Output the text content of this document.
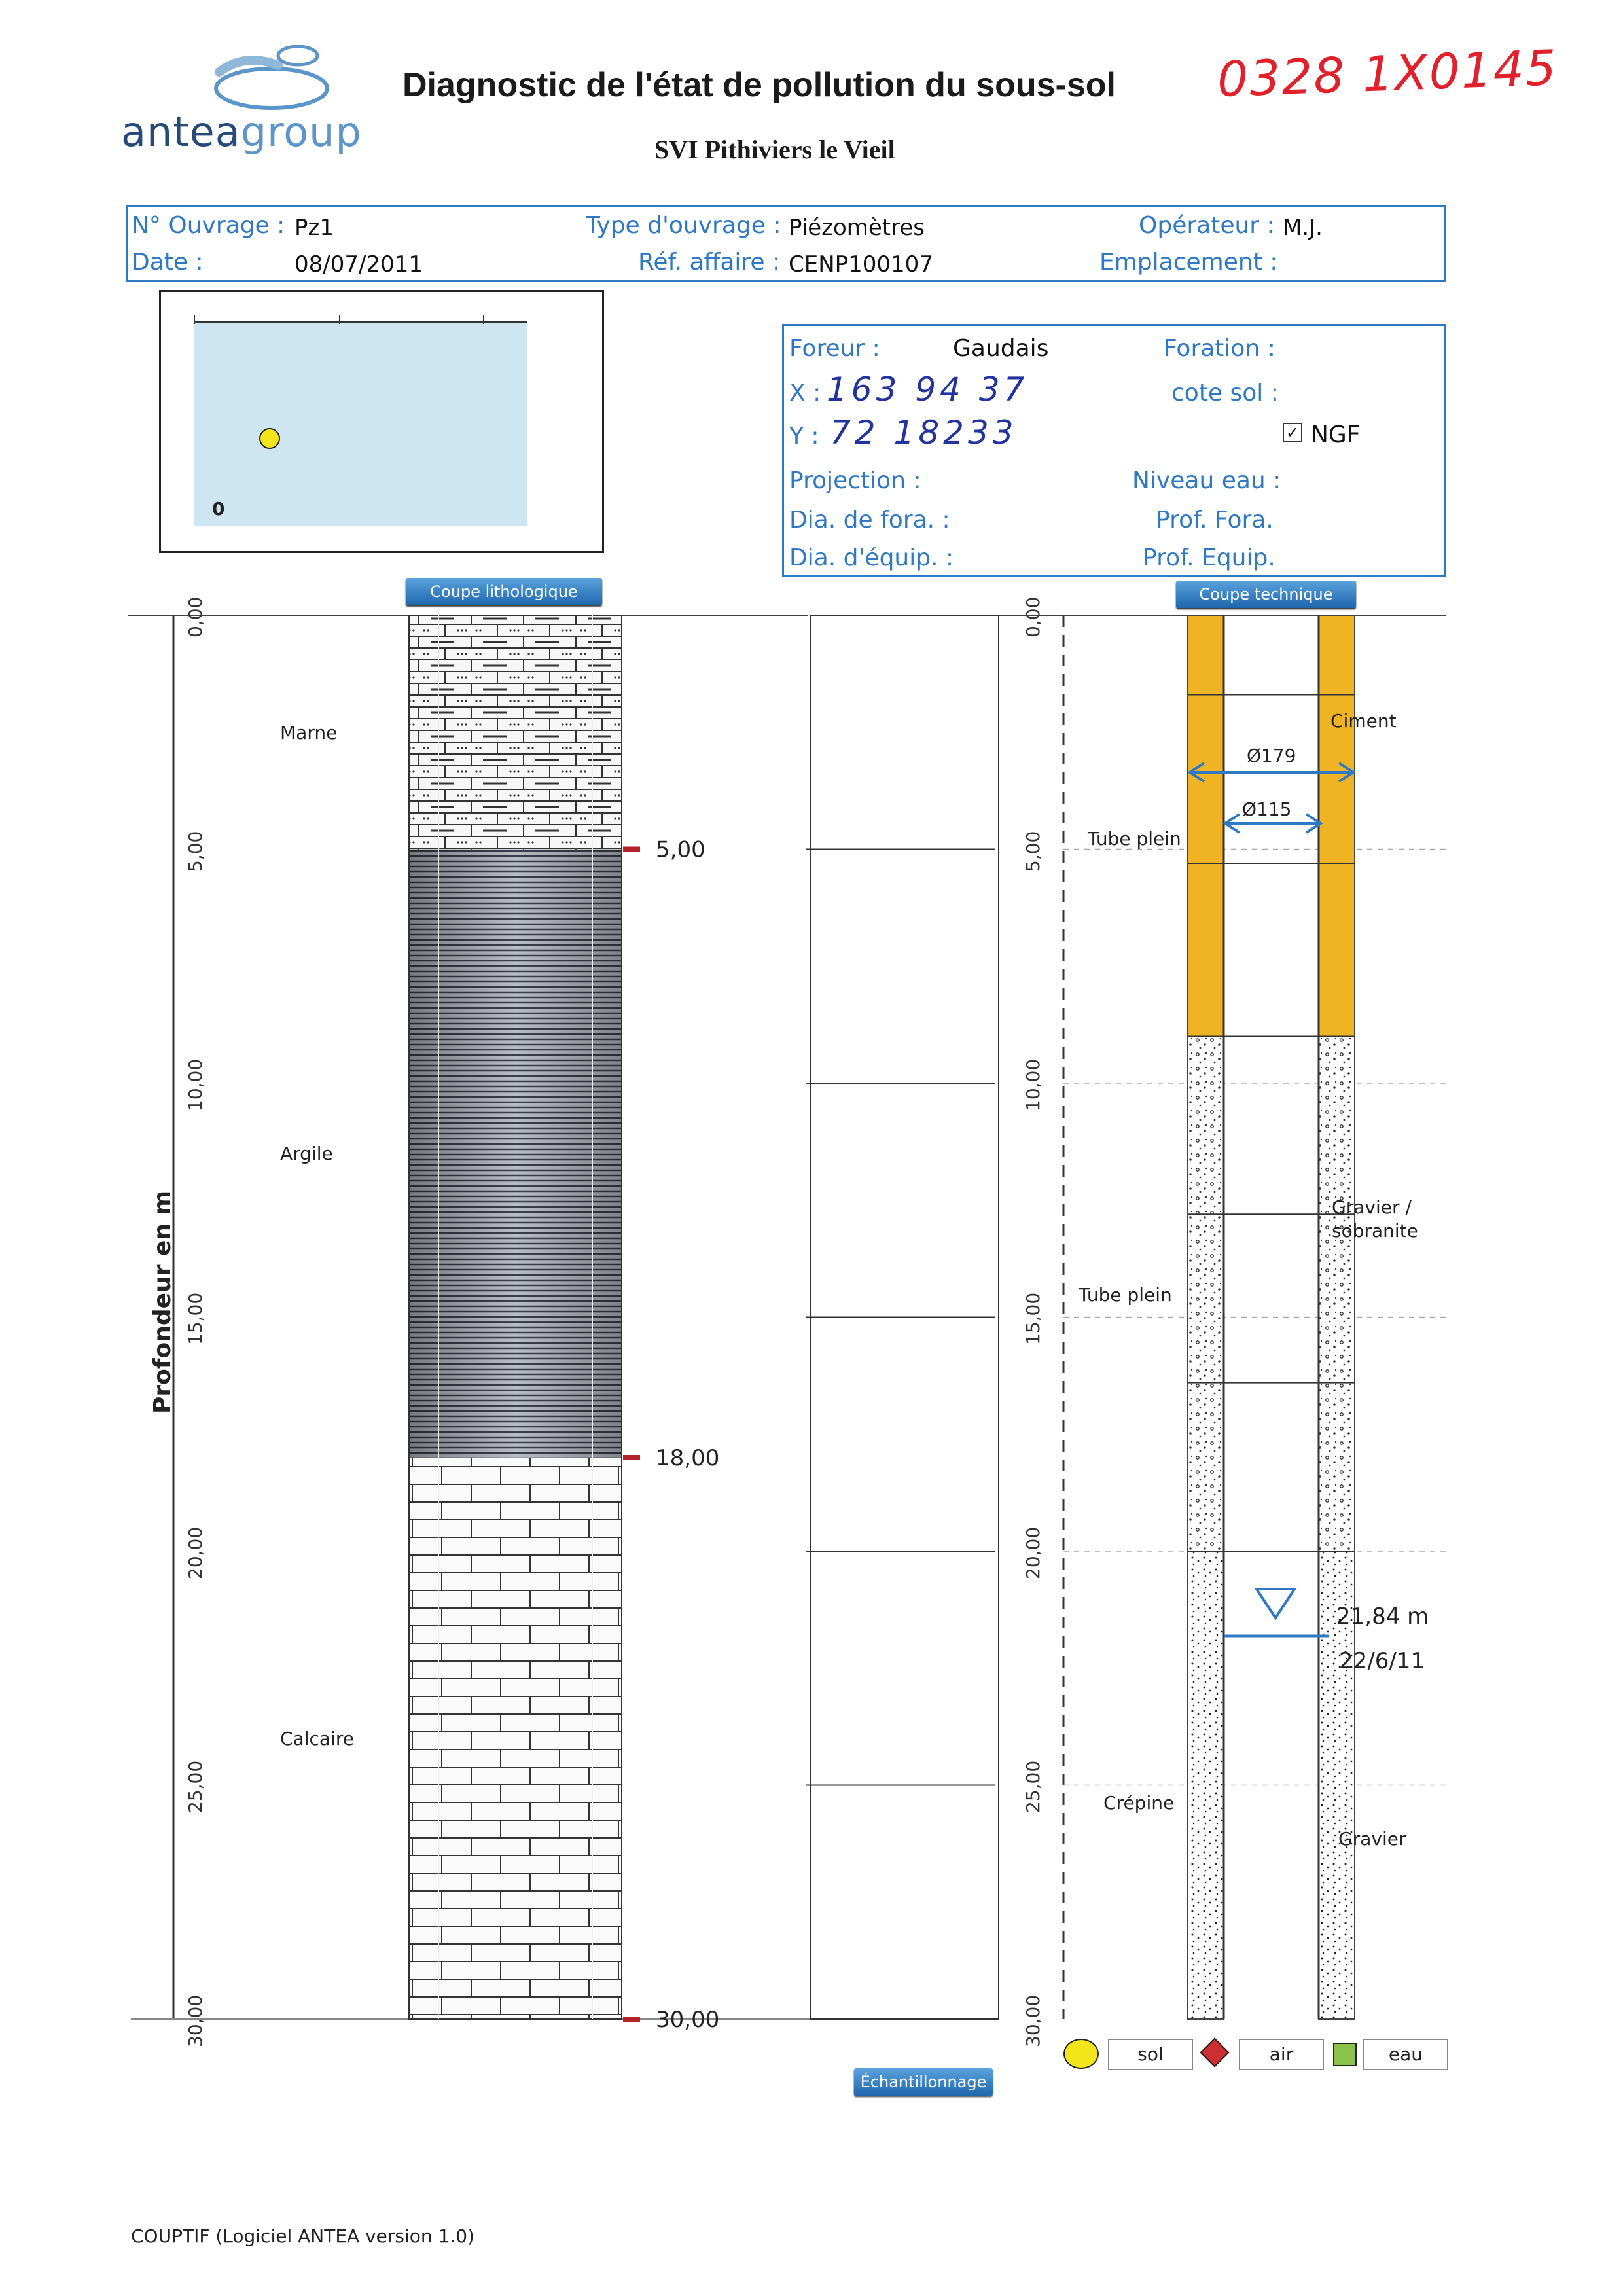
anteagroup
Diagnostic de l'état de pollution du sous-sol
SVI Pithiviers le Vieil
0328 1X0145
N° Ouvrage : Pz1
Date :	08/07/2011
Type d'ouvrage : Piézomètres
Réf. affaire : CENP100107
Opérateur : M.J.
Emplacement :
0
Foreur :	Gaudais	Foration :
X : 163 94 37	cote sol :
Y : 72 18233	✓ NGF
Projection :	Niveau eau :
Dia. de fora. :	Prof. Fora.
Dia. d'équip. :	Prof. Equip.
Coupe lithologique	Coupe technique
Échantillonnage
5,00
18,00
30,00
Profondeur en m
0,00
5,00
10,00
15,00
20,00
25,00
30,00
0,00
5,00
10,00
15,00
20,00
25,00
30,00
Marne
Argile
Calcaire
Ciment
Ø179
Ø115
Tube plein
Tube plein
Gravier / sobranite
Crépine
Gravier
21,84 m
22/6/11
sol	air	eau
COUPTIF (Logiciel ANTEA version 1.0)
